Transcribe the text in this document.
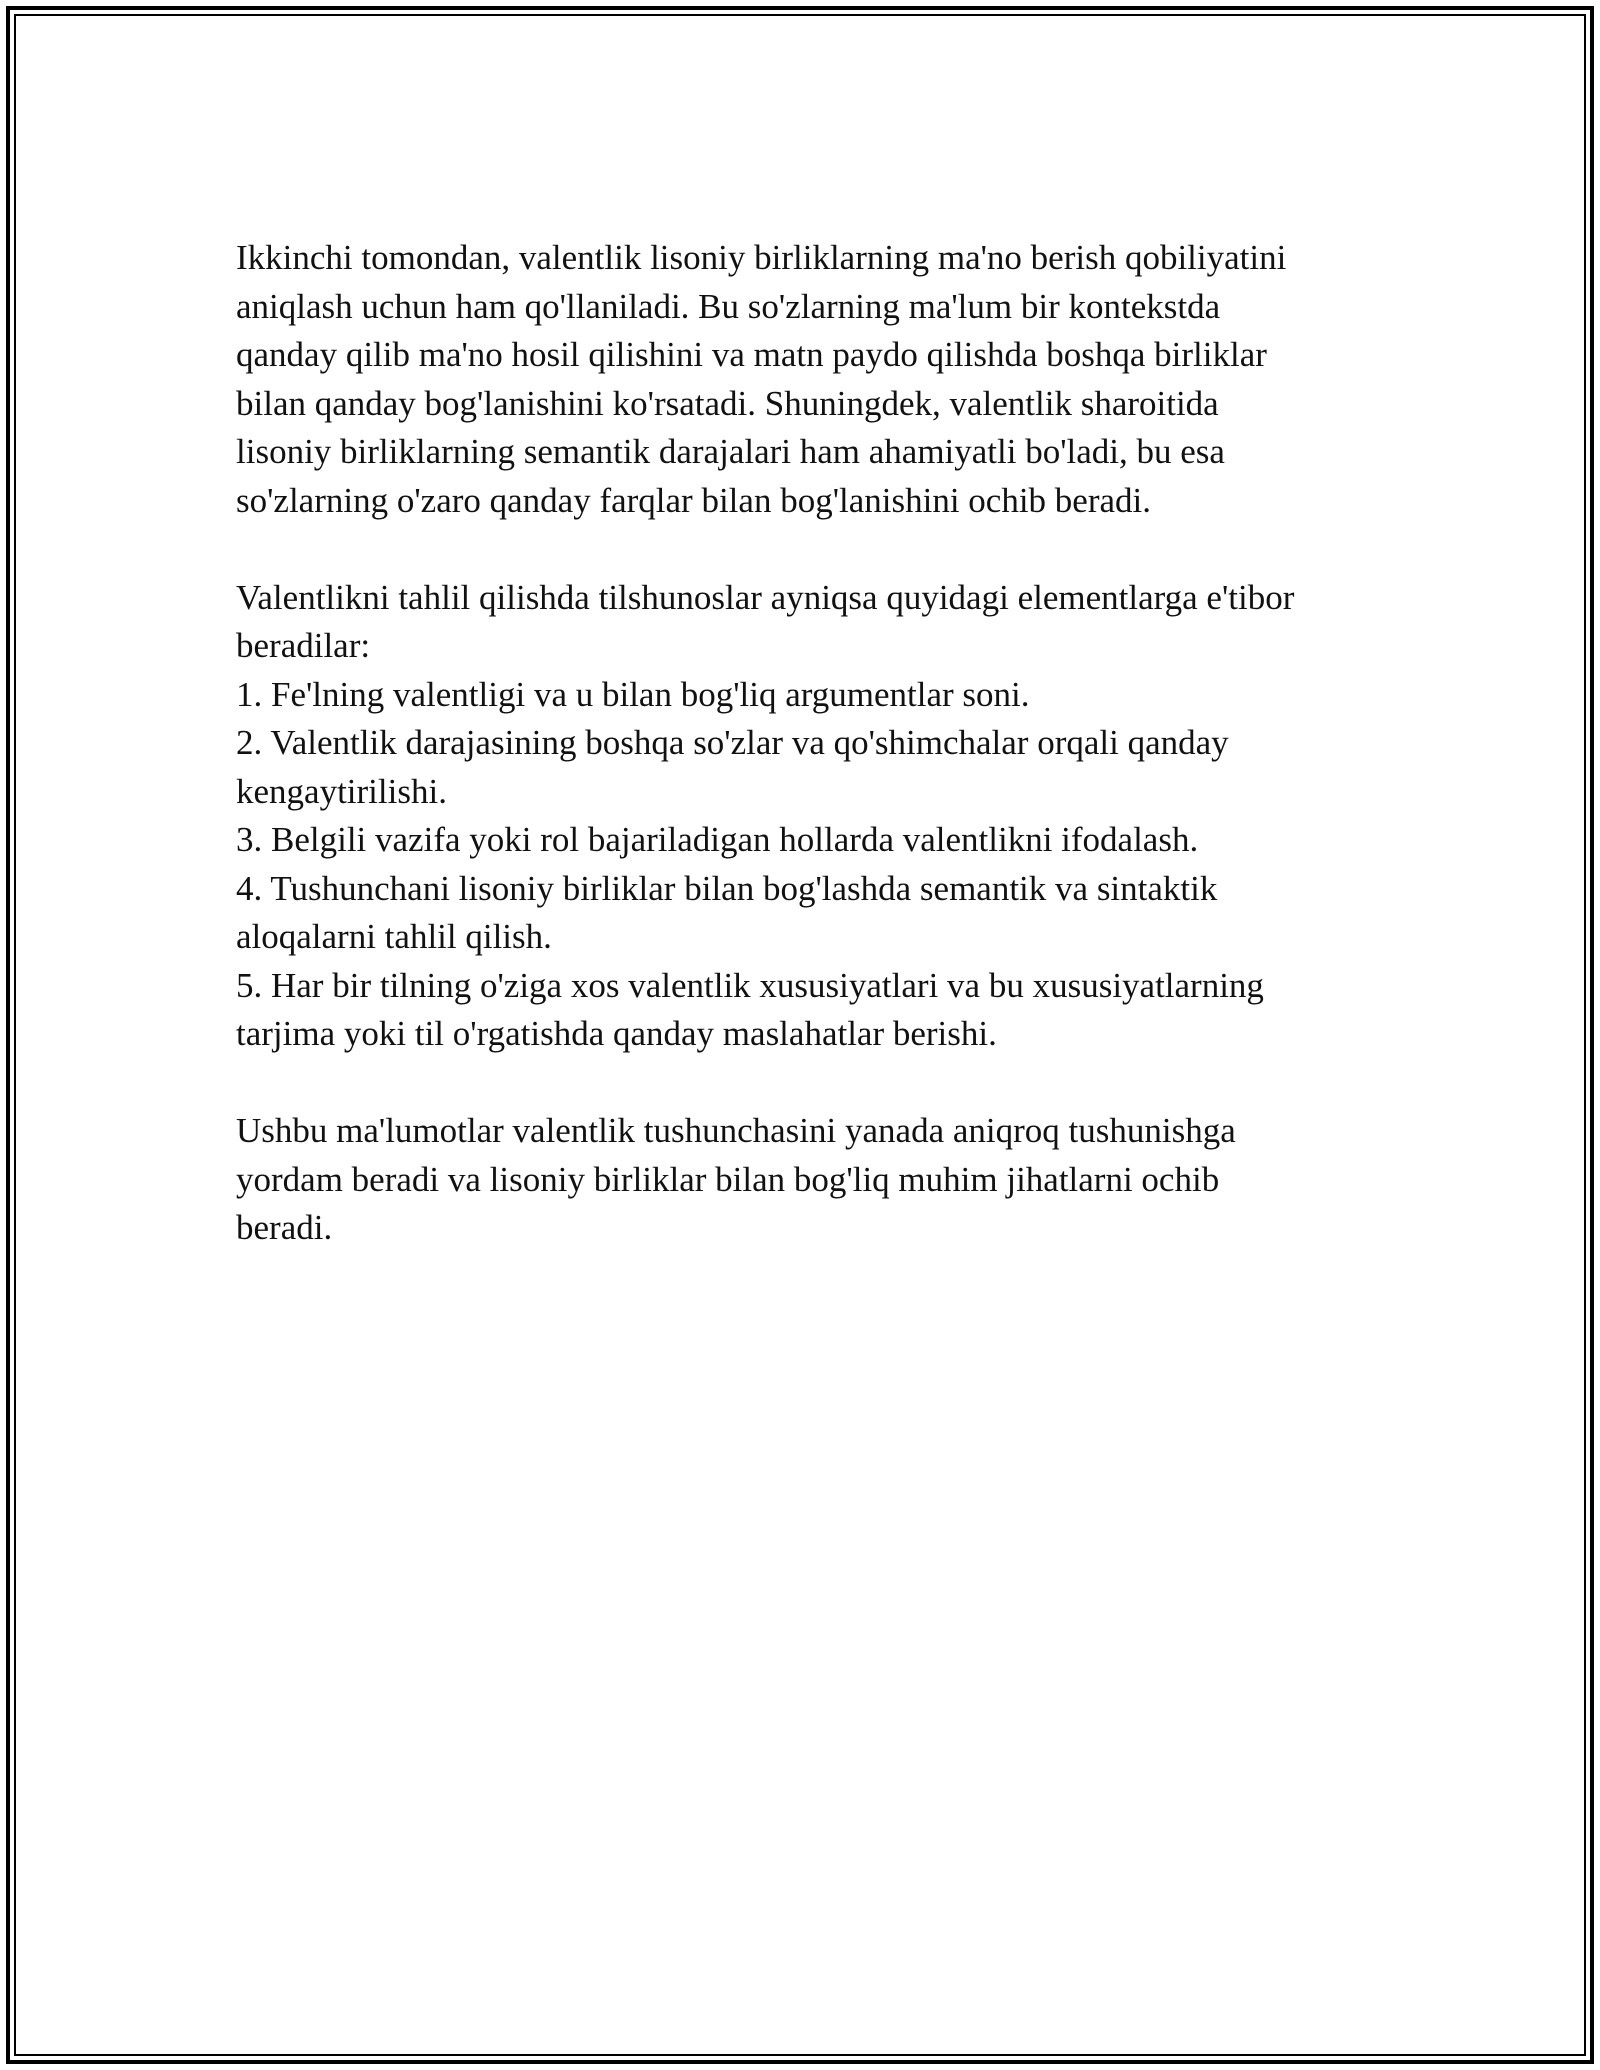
Ikkinchi tomondan, valentlik lisoniy birliklarning ma'no berish qobiliyatini

aniqlash uchun ham qo'llaniladi. Bu so'zlarning ma'lum bir kontekstda

qanday qilib ma'no hosil qilishini va matn paydo qilishda boshqa birliklar

bilan qanday bog'lanishini ko'rsatadi. Shuningdek, valentlik sharoitida

lisoniy birliklarning semantik darajalari ham ahamiyatli bo'ladi, bu esa

so'zlarning o'zaro qanday farqlar bilan bog'lanishini ochib beradi.

Valentlikni tahlil qilishda tilshunoslar ayniqsa quyidagi elementlarga e'tibor

beradilar:

1. Fe'lning valentligi va u bilan bog'liq argumentlar soni.

2. Valentlik darajasining boshqa so'zlar va qo'shimchalar orqali qanday

kengaytirilishi.

3. Belgili vazifa yoki rol bajariladigan hollarda valentlikni ifodalash.

4. Tushunchani lisoniy birliklar bilan bog'lashda semantik va sintaktik

aloqalarni tahlil qilish.

5. Har bir tilning o'ziga xos valentlik xususiyatlari va bu xususiyatlarning

tarjima yoki til o'rgatishda qanday maslahatlar berishi.

Ushbu ma'lumotlar valentlik tushunchasini yanada aniqroq tushunishga

yordam beradi va lisoniy birliklar bilan bog'liq muhim jihatlarni ochib

beradi.
